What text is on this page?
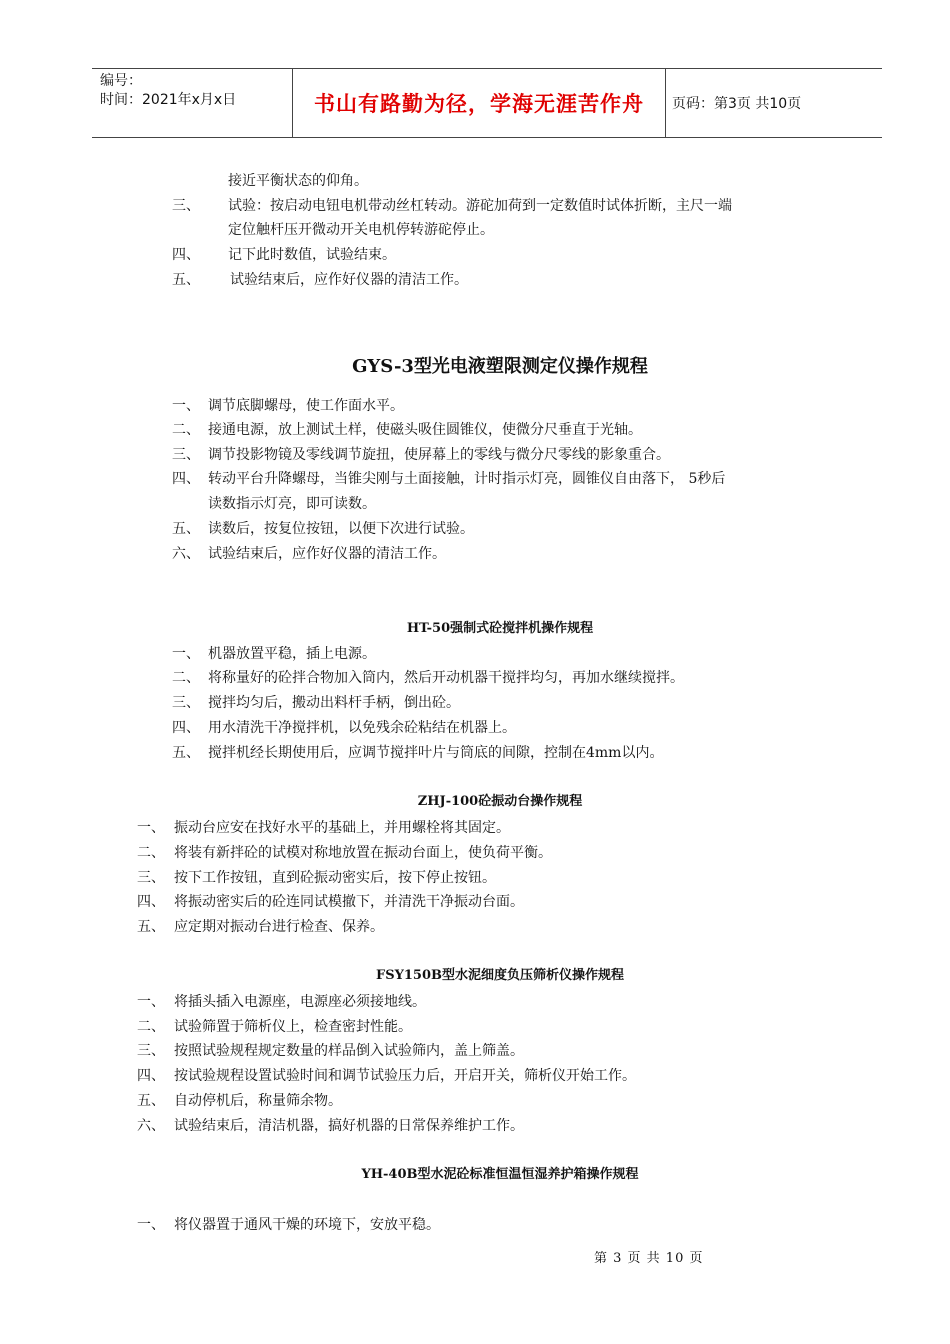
编号：
时间：2021年x月x日	书山有路勤为径，学海无涯苦作舟	页码：第3页 共10页
接近平衡状态的仰角。
三、 试验：按启动电钮电机带动丝杠转动。游砣加荷到一定数值时试体折断，主尺一端
定位触杆压开微动开关电机停转游砣停止。
四、 记下此时数值，试验结束。
五、 试验结束后，应作好仪器的清洁工作。
GYS-3型光电液塑限测定仪操作规程
一、 调节底脚螺母，使工作面水平。
二、 接通电源，放上测试土样，使磁头吸住圆锥仪，使微分尺垂直于光轴。
三、 调节投影物镜及零线调节旋扭，使屏幕上的零线与微分尺零线的影象重合。
四、 转动平台升降螺母，当锥尖刚与土面接触，计时指示灯亮，圆锥仪自由落下， 5秒后
读数指示灯亮，即可读数。
五、 读数后，按复位按钮，以便下次进行试验。
六、 试验结束后，应作好仪器的清洁工作。
HT-50强制式砼搅拌机操作规程
一、 机器放置平稳，插上电源。
二、 将称量好的砼拌合物加入筒内，然后开动机器干搅拌均匀，再加水继续搅拌。
三、 搅拌均匀后，搬动出料杆手柄，倒出砼。
四、 用水清洗干净搅拌机，以免残余砼粘结在机器上。
五、 搅拌机经长期使用后，应调节搅拌叶片与筒底的间隙，控制在4mm以内。
ZHJ-100砼振动台操作规程
一、 振动台应安在找好水平的基础上，并用螺栓将其固定。
二、 将装有新拌砼的试模对称地放置在振动台面上，使负荷平衡。
三、 按下工作按钮，直到砼振动密实后，按下停止按钮。
四、 将振动密实后的砼连同试模撤下，并清洗干净振动台面。
五、 应定期对振动台进行检查、保养。
FSY150B型水泥细度负压筛析仪操作规程
一、 将插头插入电源座，电源座必须接地线。
二、 试验筛置于筛析仪上，检查密封性能。
三、 按照试验规程规定数量的样品倒入试验筛内，盖上筛盖。
四、 按试验规程设置试验时间和调节试验压力后，开启开关，筛析仪开始工作。
五、 自动停机后，称量筛余物。
六、 试验结束后，清洁机器，搞好机器的日常保养维护工作。
YH-40B型水泥砼标准恒温恒湿养护箱操作规程
一、 将仪器置于通风干燥的环境下，安放平稳。
第 3 页 共 10 页
